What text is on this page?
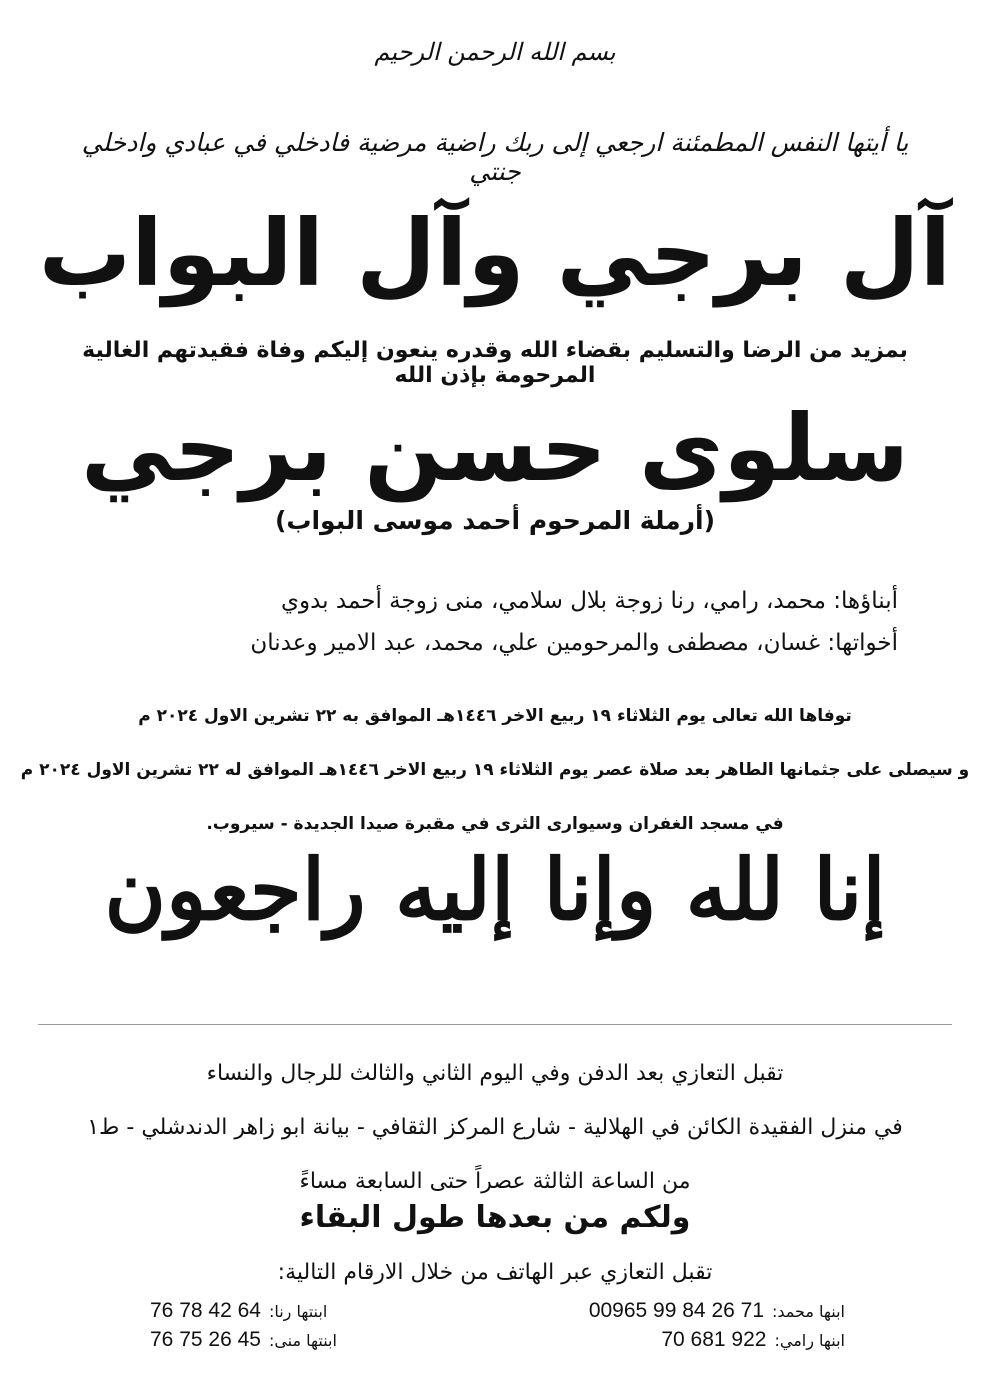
بسم الله الرحمن الرحيم
يا أيتها النفس المطمئنة ارجعي إلى ربك راضية مرضية فادخلي في عبادي وادخلي جنتي
آل برجي وآل البواب
بمزيد من الرضا والتسليم بقضاء الله وقدره ينعون إليكم وفاة فقيدتهم الغالية المرحومة بإذن الله
سلوى حسن برجي
(أرملة المرحوم أحمد موسى البواب)
أبناؤها: محمد، رامي، رنا زوجة بلال سلامي، منى زوجة أحمد بدوي
أخواتها: غسان، مصطفى والمرحومين علي، محمد، عبد الامير وعدنان
توفاها الله تعالى يوم الثلاثاء ١٩ ربيع الاخر ١٤٤٦هـ الموافق به ٢٢ تشرين الاول ٢٠٢٤ م
و سيصلى على جثمانها الطاهر بعد صلاة عصر يوم الثلاثاء ١٩ ربيع الاخر ١٤٤٦هـ الموافق له ٢٢ تشرين الاول ٢٠٢٤ م
في مسجد الغفران وسيوارى الثرى في مقبرة صيدا الجديدة - سيروب.
إنا لله وإنا إليه راجعون
تقبل التعازي بعد الدفن وفي اليوم الثاني والثالث للرجال والنساء
في منزل الفقيدة الكائن في الهلالية - شارع المركز الثقافي - بيانة ابو زاهر الدندشلي - ط١
من الساعة الثالثة عصراً حتى السابعة مساءً
ولكم من بعدها طول البقاء
تقبل التعازي عبر الهاتف من خلال الارقام التالية:
ابنها محمد:
00965 99 84 26 71
ابنتها رنا:
76 78 42 64
ابنها رامي:
70 681 922
ابنتها منى:
76 75 26 45
